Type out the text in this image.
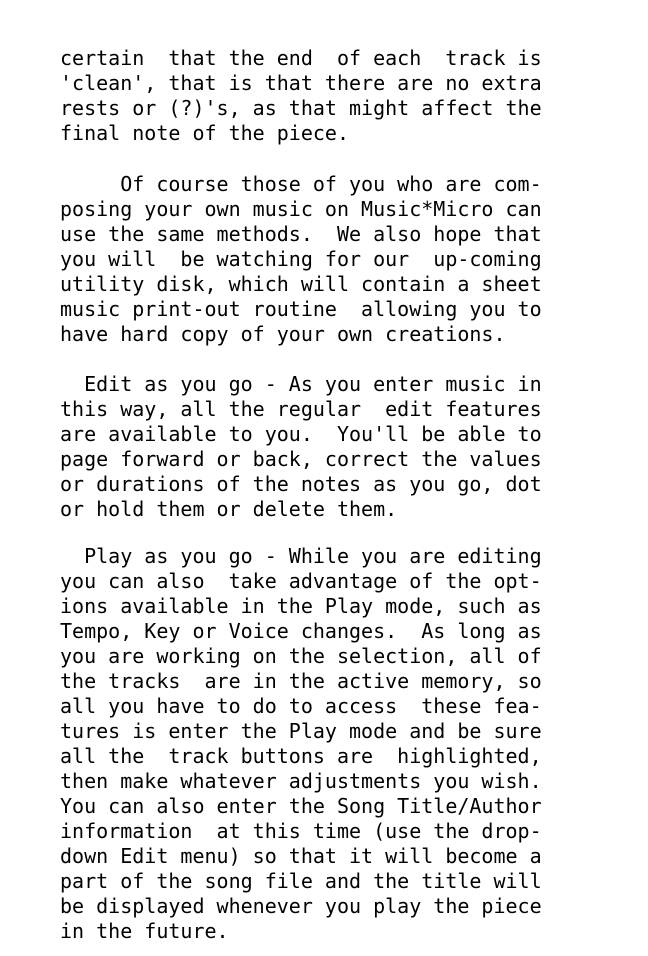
certain  that the end  of each  track is
'clean', that is that there are no extra
rests or (?)'s, as that might affect the
final note of the piece.
Of course those of you who are com-
posing your own music on Music*Micro can
use the same methods.  We also hope that
you will  be watching for our  up-coming
utility disk, which will contain a sheet
music print-out routine  allowing you to
have hard copy of your own creations.
Edit as you go - As you enter music in
this way, all the regular  edit features
are available to you.  You'll be able to
page forward or back, correct the values
or durations of the notes as you go, dot
or hold them or delete them.
Play as you go - While you are editing
you can also  take advantage of the opt-
ions available in the Play mode, such as
Tempo, Key or Voice changes.  As long as
you are working on the selection, all of
the tracks  are in the active memory, so
all you have to do to access  these fea-
tures is enter the Play mode and be sure
all the  track buttons are  highlighted,
then make whatever adjustments you wish.
You can also enter the Song Title/Author
information  at this time (use the drop-
down Edit menu) so that it will become a
part of the song file and the title will
be displayed whenever you play the piece
in the future.
